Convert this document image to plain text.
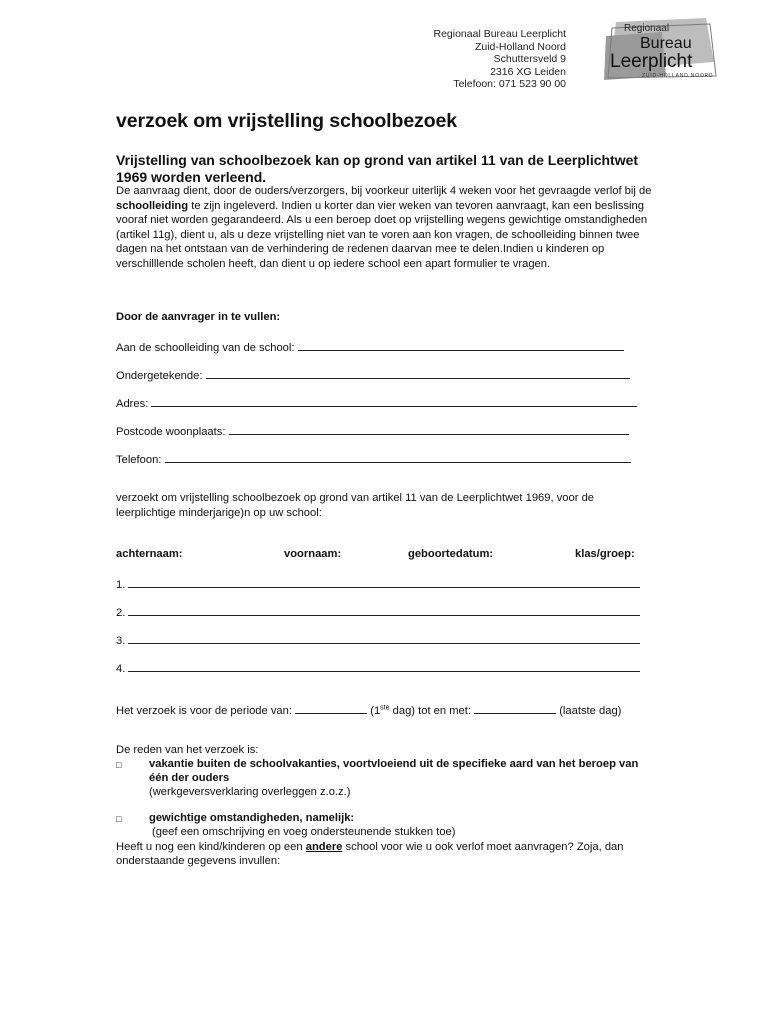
Regionaal Bureau Leerplicht
Zuid-Holland Noord
Schuttersveld 9
2316 XG Leiden
Telefoon: 071 523 90 00
Regionaal
Bureau
Leerplicht
ZUID-HOLLAND NOORD
verzoek om vrijstelling schoolbezoek
Vrijstelling van schoolbezoek kan op grond van artikel 11 van de Leerplichtwet 1969 worden verleend.
De aanvraag dient, door de ouders/verzorgers, bij voorkeur uiterlijk 4 weken voor het gevraagde verlof bij de schoolleiding te zijn ingeleverd. Indien u korter dan vier weken van tevoren aanvraagt, kan een beslissing vooraf niet worden gegarandeerd. Als u een beroep doet op vrijstelling wegens gewichtige omstandigheden (artikel 11g), dient u, als u deze vrijstelling niet van te voren aan kon vragen, de schoolleiding binnen twee dagen na het ontstaan van de verhindering de redenen daarvan mee te delen.Indien u kinderen op verschilllende scholen heeft, dan dient u op iedere school een apart formulier te vragen.
Door de aanvrager in te vullen:
Aan de schoolleiding van de school:
Ondergetekende:
Adres:
Postcode woonplaats:
Telefoon:
verzoekt om vrijstelling schoolbezoek op grond van artikel 11 van de Leerplichtwet 1969, voor de leerplichtige minderjarige)n op uw school:
achternaam:	voornaam:	geboortedatum:	klas/groep:
1.
2.
3.
4.
Het verzoek is voor de periode van:	(1ste dag) tot en met:	(laatste dag)
De reden van het verzoek is:
□ vakantie buiten de schoolvakanties, voortvloeiend uit de specifieke aard van het beroep van één der ouders
(werkgeversverklaring overleggen z.o.z.)
□ gewichtige omstandigheden, namelijk:
(geef een omschrijving en voeg ondersteunende stukken toe)
Heeft u nog een kind/kinderen op een andere school voor wie u ook verlof moet aanvragen? Zoja, dan onderstaande gegevens invullen:
